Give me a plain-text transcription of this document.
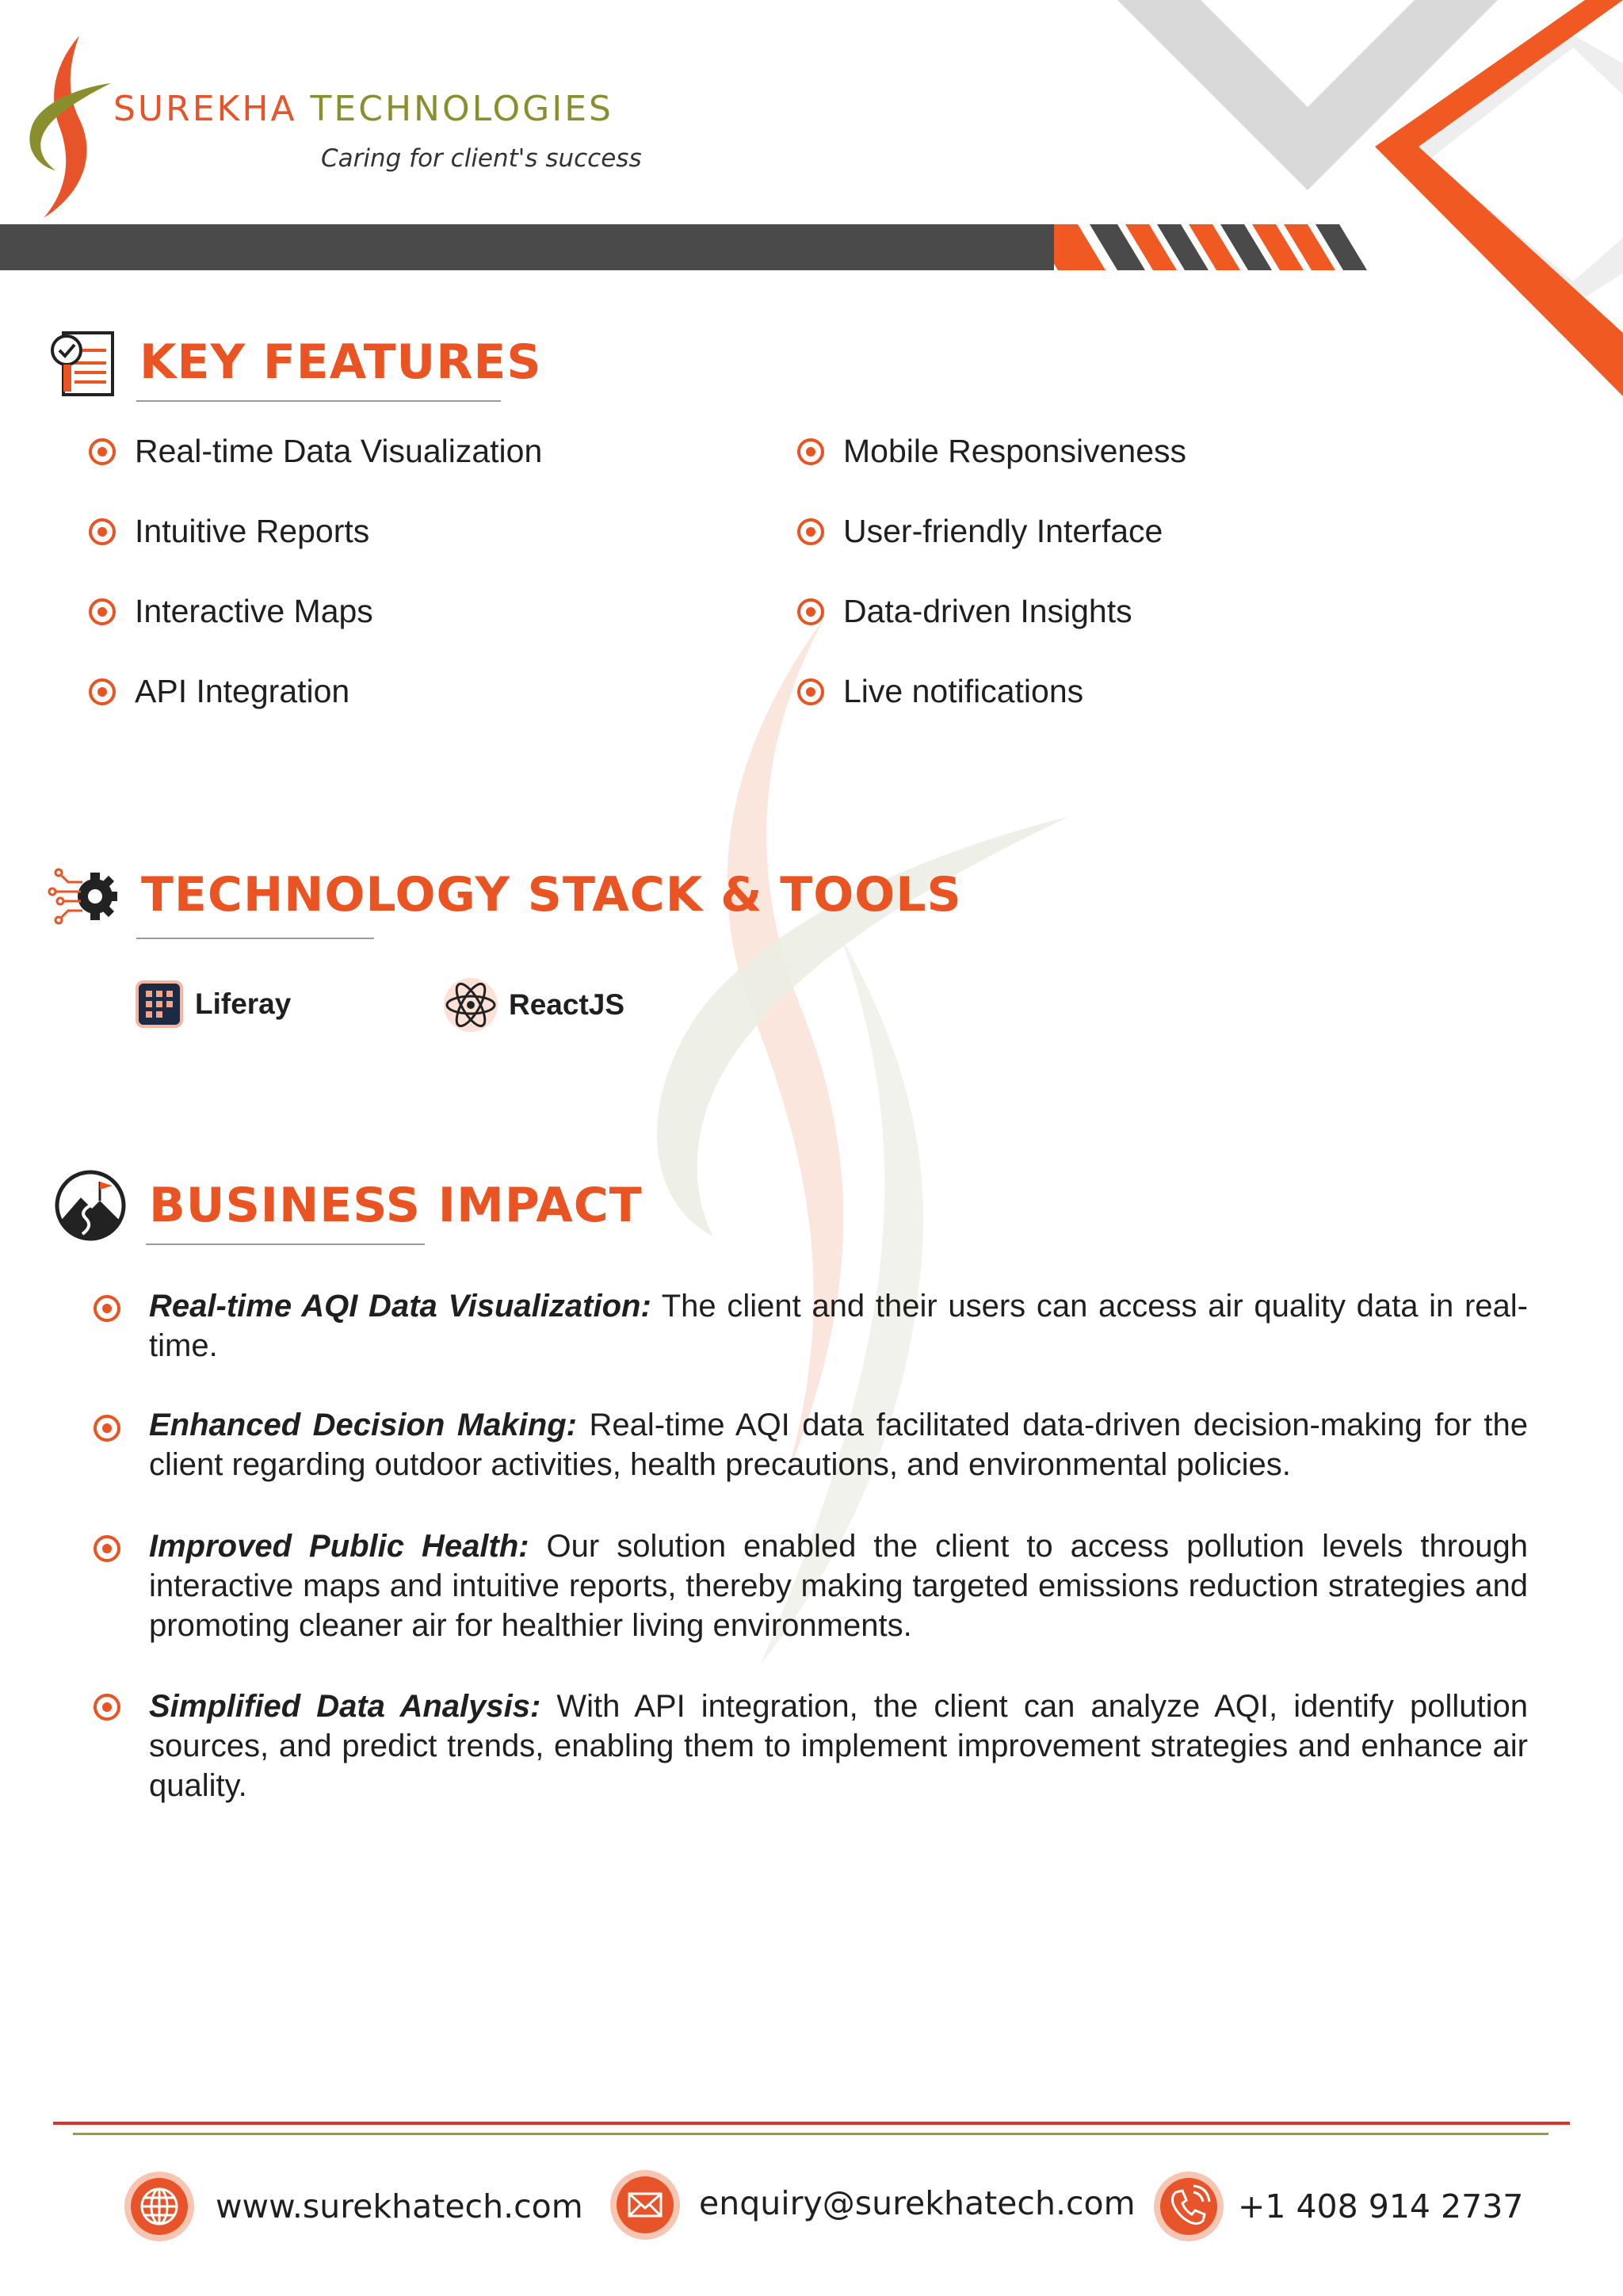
SUREKHA TECHNOLOGIES
Caring for client's success
KEY FEATURES
Real-time Data Visualization
Intuitive Reports
Interactive Maps
API Integration
Mobile Responsiveness
User-friendly Interface
Data-driven Insights
Live notifications
TECHNOLOGY STACK & TOOLS
Liferay	ReactJS
BUSINESS IMPACT
Real-time AQI Data Visualization: The client and their users can access air quality data in real-time.
Enhanced Decision Making: Real-time AQI data facilitated data-driven decision-making for the client regarding outdoor activities, health precautions, and environmental policies.
Improved Public Health: Our solution enabled the client to access pollution levels through interactive maps and intuitive reports, thereby making targeted emissions reduction strategies and promoting cleaner air for healthier living environments.
Simplified Data Analysis: With API integration, the client can analyze AQI, identify pollution sources, and predict trends, enabling them to implement improvement strategies and enhance air quality.
www.surekhatech.com	enquiry@surekhatech.com	+1 408 914 2737
